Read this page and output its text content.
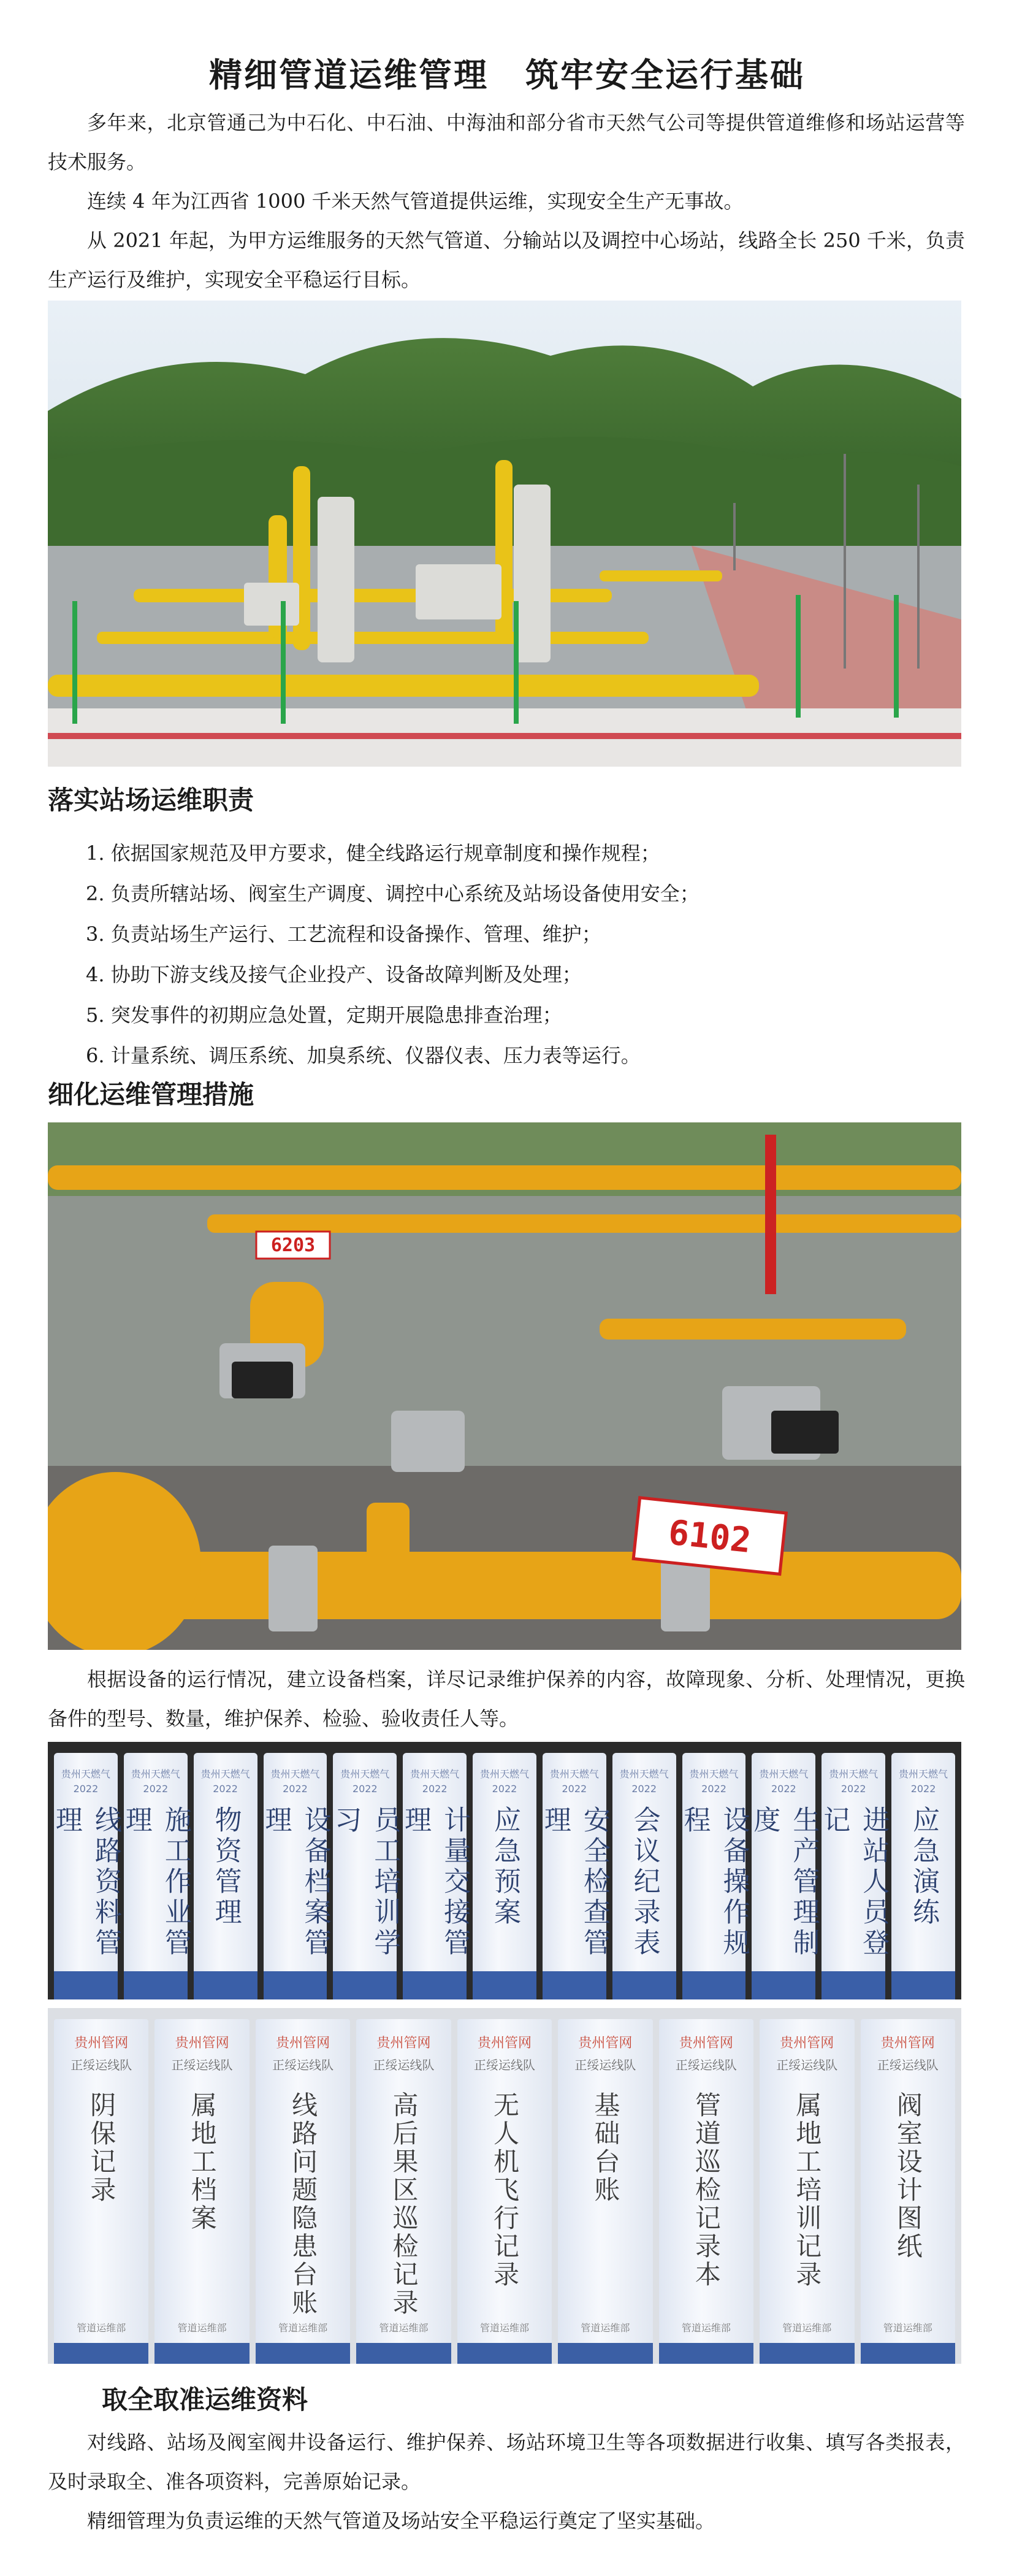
精细管道运维管理 筑牢安全运行基础
多年来，北京管通己为中石化、中石油、中海油和部分省市天然气公司等提供管道维修和场站运营等技术服务。
连续 4 年为江西省 1000 千米天然气管道提供运维，实现安全生产无事故。
从 2021 年起，为甲方运维服务的天然气管道、分输站以及调控中心场站，线路全长 250 千米，负责生产运行及维护，实现安全平稳运行目标。
落实站场运维职责
1. 依据国家规范及甲方要求，健全线路运行规章制度和操作规程；
2. 负责所辖站场、阀室生产调度、调控中心系统及站场设备使用安全；
3. 负责站场生产运行、工艺流程和设备操作、管理、维护；
4. 协助下游支线及接气企业投产、设备故障判断及处理；
5. 突发事件的初期应急处置，定期开展隐患排查治理；
6. 计量系统、调压系统、加臭系统、仪器仪表、压力表等运行。
细化运维管理措施
6203
6102
根据设备的运行情况，建立设备档案，详尽记录维护保养的内容，故障现象、分析、处理情况，更换备件的型号、数量，维护保养、检验、验收责任人等。
贵州天燃气
2022
线路资料管理
贵州天燃气
2022
施工作业管理
贵州天燃气
2022
物资管理
贵州天燃气
2022
设备档案管理
贵州天燃气
2022
员工培训学习
贵州天燃气
2022
计量交接管理
贵州天燃气
2022
应急预案
贵州天燃气
2022
安全检查管理
贵州天燃气
2022
会议纪录表
贵州天燃气
2022
设备操作规程
贵州天燃气
2022
生产管理制度
贵州天燃气
2022
进站人员登记
贵州天燃气
2022
应急演练
贵州管网
正绥运线队
阴保记录
管道运维部
贵州管网
正绥运线队
属地工档案
管道运维部
贵州管网
正绥运线队
线路问题隐患台账
管道运维部
贵州管网
正绥运线队
高后果区巡检记录
管道运维部
贵州管网
正绥运线队
无人机飞行记录
管道运维部
贵州管网
正绥运线队
基础台账
管道运维部
贵州管网
正绥运线队
管道巡检记录本
管道运维部
贵州管网
正绥运线队
属地工培训记录
管道运维部
贵州管网
正绥运线队
阀室设计图纸
管道运维部
取全取准运维资料
对线路、站场及阀室阀井设备运行、维护保养、场站环境卫生等各项数据进行收集、填写各类报表，及时录取全、准各项资料，完善原始记录。
精细管理为负责运维的天然气管道及场站安全平稳运行奠定了坚实基础。
